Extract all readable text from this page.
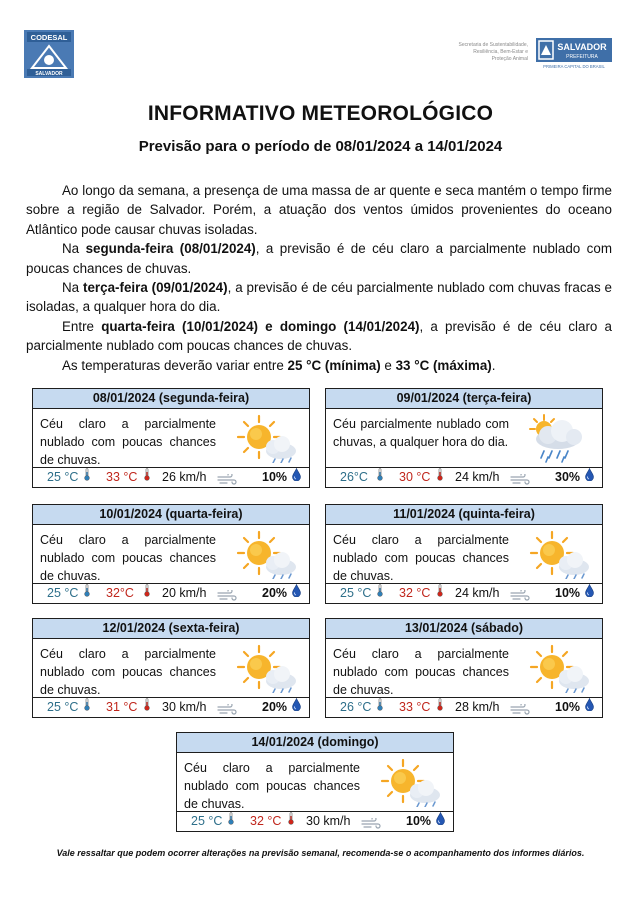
CODESAL
SALVADOR
Secretaria de Sustentabilidade,
Resiliência, Bem-Estar e
Proteção Animal
SALVADOR
PREFEITURA
PRIMEIRA CAPITAL DO BRASIL
INFORMATIVO METEOROLÓGICO
Previsão para o período de 08/01/2024 a 14/01/2024

Ao longo da semana, a presença de uma massa de ar quente e seca mantém o tempo firme sobre a região de Salvador. Porém, a atuação dos ventos úmidos provenientes do oceano Atlântico pode causar chuvas isoladas.

Na segunda-feira (08/01/2024), a previsão é de céu claro a parcialmente nublado com poucas chances de chuvas.

Na terça-feira (09/01/2024), a previsão é de céu parcialmente nublado com chuvas fracas e isoladas, a qualquer hora do dia.

Entre quarta-feira (10/01/2024) e domingo (14/01/2024), a previsão é de céu claro a parcialmente nublado com poucas chances de chuvas.

As temperaturas deverão variar entre 25 °C (mínima) e 33 °C (máxima).

08/01/2024 (segunda-feira)
Céu claro a parcialmente nublado com poucas chances de chuvas.
25 °C 33 °C 26 km/h	10%
09/01/2024 (terça-feira)
Céu parcialmente nublado com chuvas, a qualquer hora do dia.
26°C 30 °C 24 km/h	30%
10/01/2024 (quarta-feira)
Céu claro a parcialmente nublado com poucas chances de chuvas.
25 °C 32°C 20 km/h	20%
11/01/2024 (quinta-feira)
Céu claro a parcialmente nublado com poucas chances de chuvas.
25 °C 32 °C 24 km/h	10%
12/01/2024 (sexta-feira)
Céu claro a parcialmente nublado com poucas chances de chuvas.
25 °C 31 °C 30 km/h	20%
13/01/2024 (sábado)
Céu claro a parcialmente nublado com poucas chances de chuvas.
26 °C 33 °C 28 km/h	10%
14/01/2024 (domingo)
Céu claro a parcialmente nublado com poucas chances de chuvas.
25 °C 32 °C 30 km/h	10%
Vale ressaltar que podem ocorrer alterações na previsão semanal, recomenda-se o acompanhamento dos informes diários.
